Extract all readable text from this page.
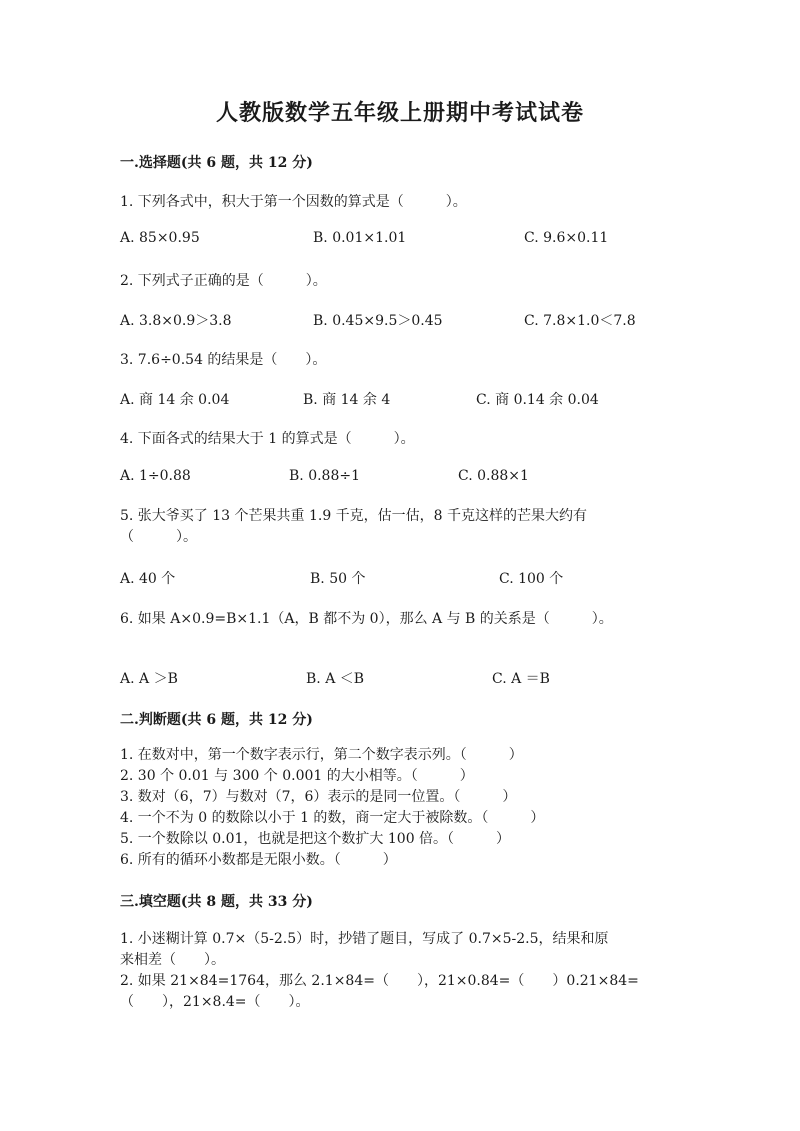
人教版数学五年级上册期中考试试卷
一.选择题(共 6 题，共 12 分)
1. 下列各式中，积大于第一个因数的算式是（　　　）。
A. 85×0.95	B. 0.01×1.01	C. 9.6×0.11
2. 下列式子正确的是（　　　）。
A. 3.8×0.9＞3.8	B. 0.45×9.5＞0.45	C. 7.8×1.0＜7.8
3. 7.6÷0.54 的结果是（　　）。
A. 商 14 余 0.04	B. 商 14 余 4	C. 商 0.14 余 0.04
4. 下面各式的结果大于 1 的算式是（　　　）。
A. 1÷0.88	B. 0.88÷1	C. 0.88×1
5. 张大爷买了 13 个芒果共重 1.9 千克，估一估，8 千克这样的芒果大约有
（　　　）。
A. 40 个	B. 50 个	C. 100 个
6. 如果 A×0.9=B×1.1（A，B 都不为 0），那么 A 与 B 的关系是（　　　）。
A. A ＞B	B. A ＜B	C. A ＝B
二.判断题(共 6 题，共 12 分)
1. 在数对中，第一个数字表示行，第二个数字表示列。（　　　）
2. 30 个 0.01 与 300 个 0.001 的大小相等。（　　　）
3. 数对（6，7）与数对（7，6）表示的是同一位置。（　　　）
4. 一个不为 0 的数除以小于 1 的数，商一定大于被除数。（　　　）
5. 一个数除以 0.01，也就是把这个数扩大 100 倍。（　　　）
6. 所有的循环小数都是无限小数。（　　　）
三.填空题(共 8 题，共 33 分)
1. 小迷糊计算 0.7×（5-2.5）时，抄错了题目，写成了 0.7×5-2.5，结果和原
来相差（　　）。
2. 如果 21×84=1764，那么 2.1×84=（　　），21×0.84=（　　）0.21×84=
（　　），21×8.4=（　　）。
